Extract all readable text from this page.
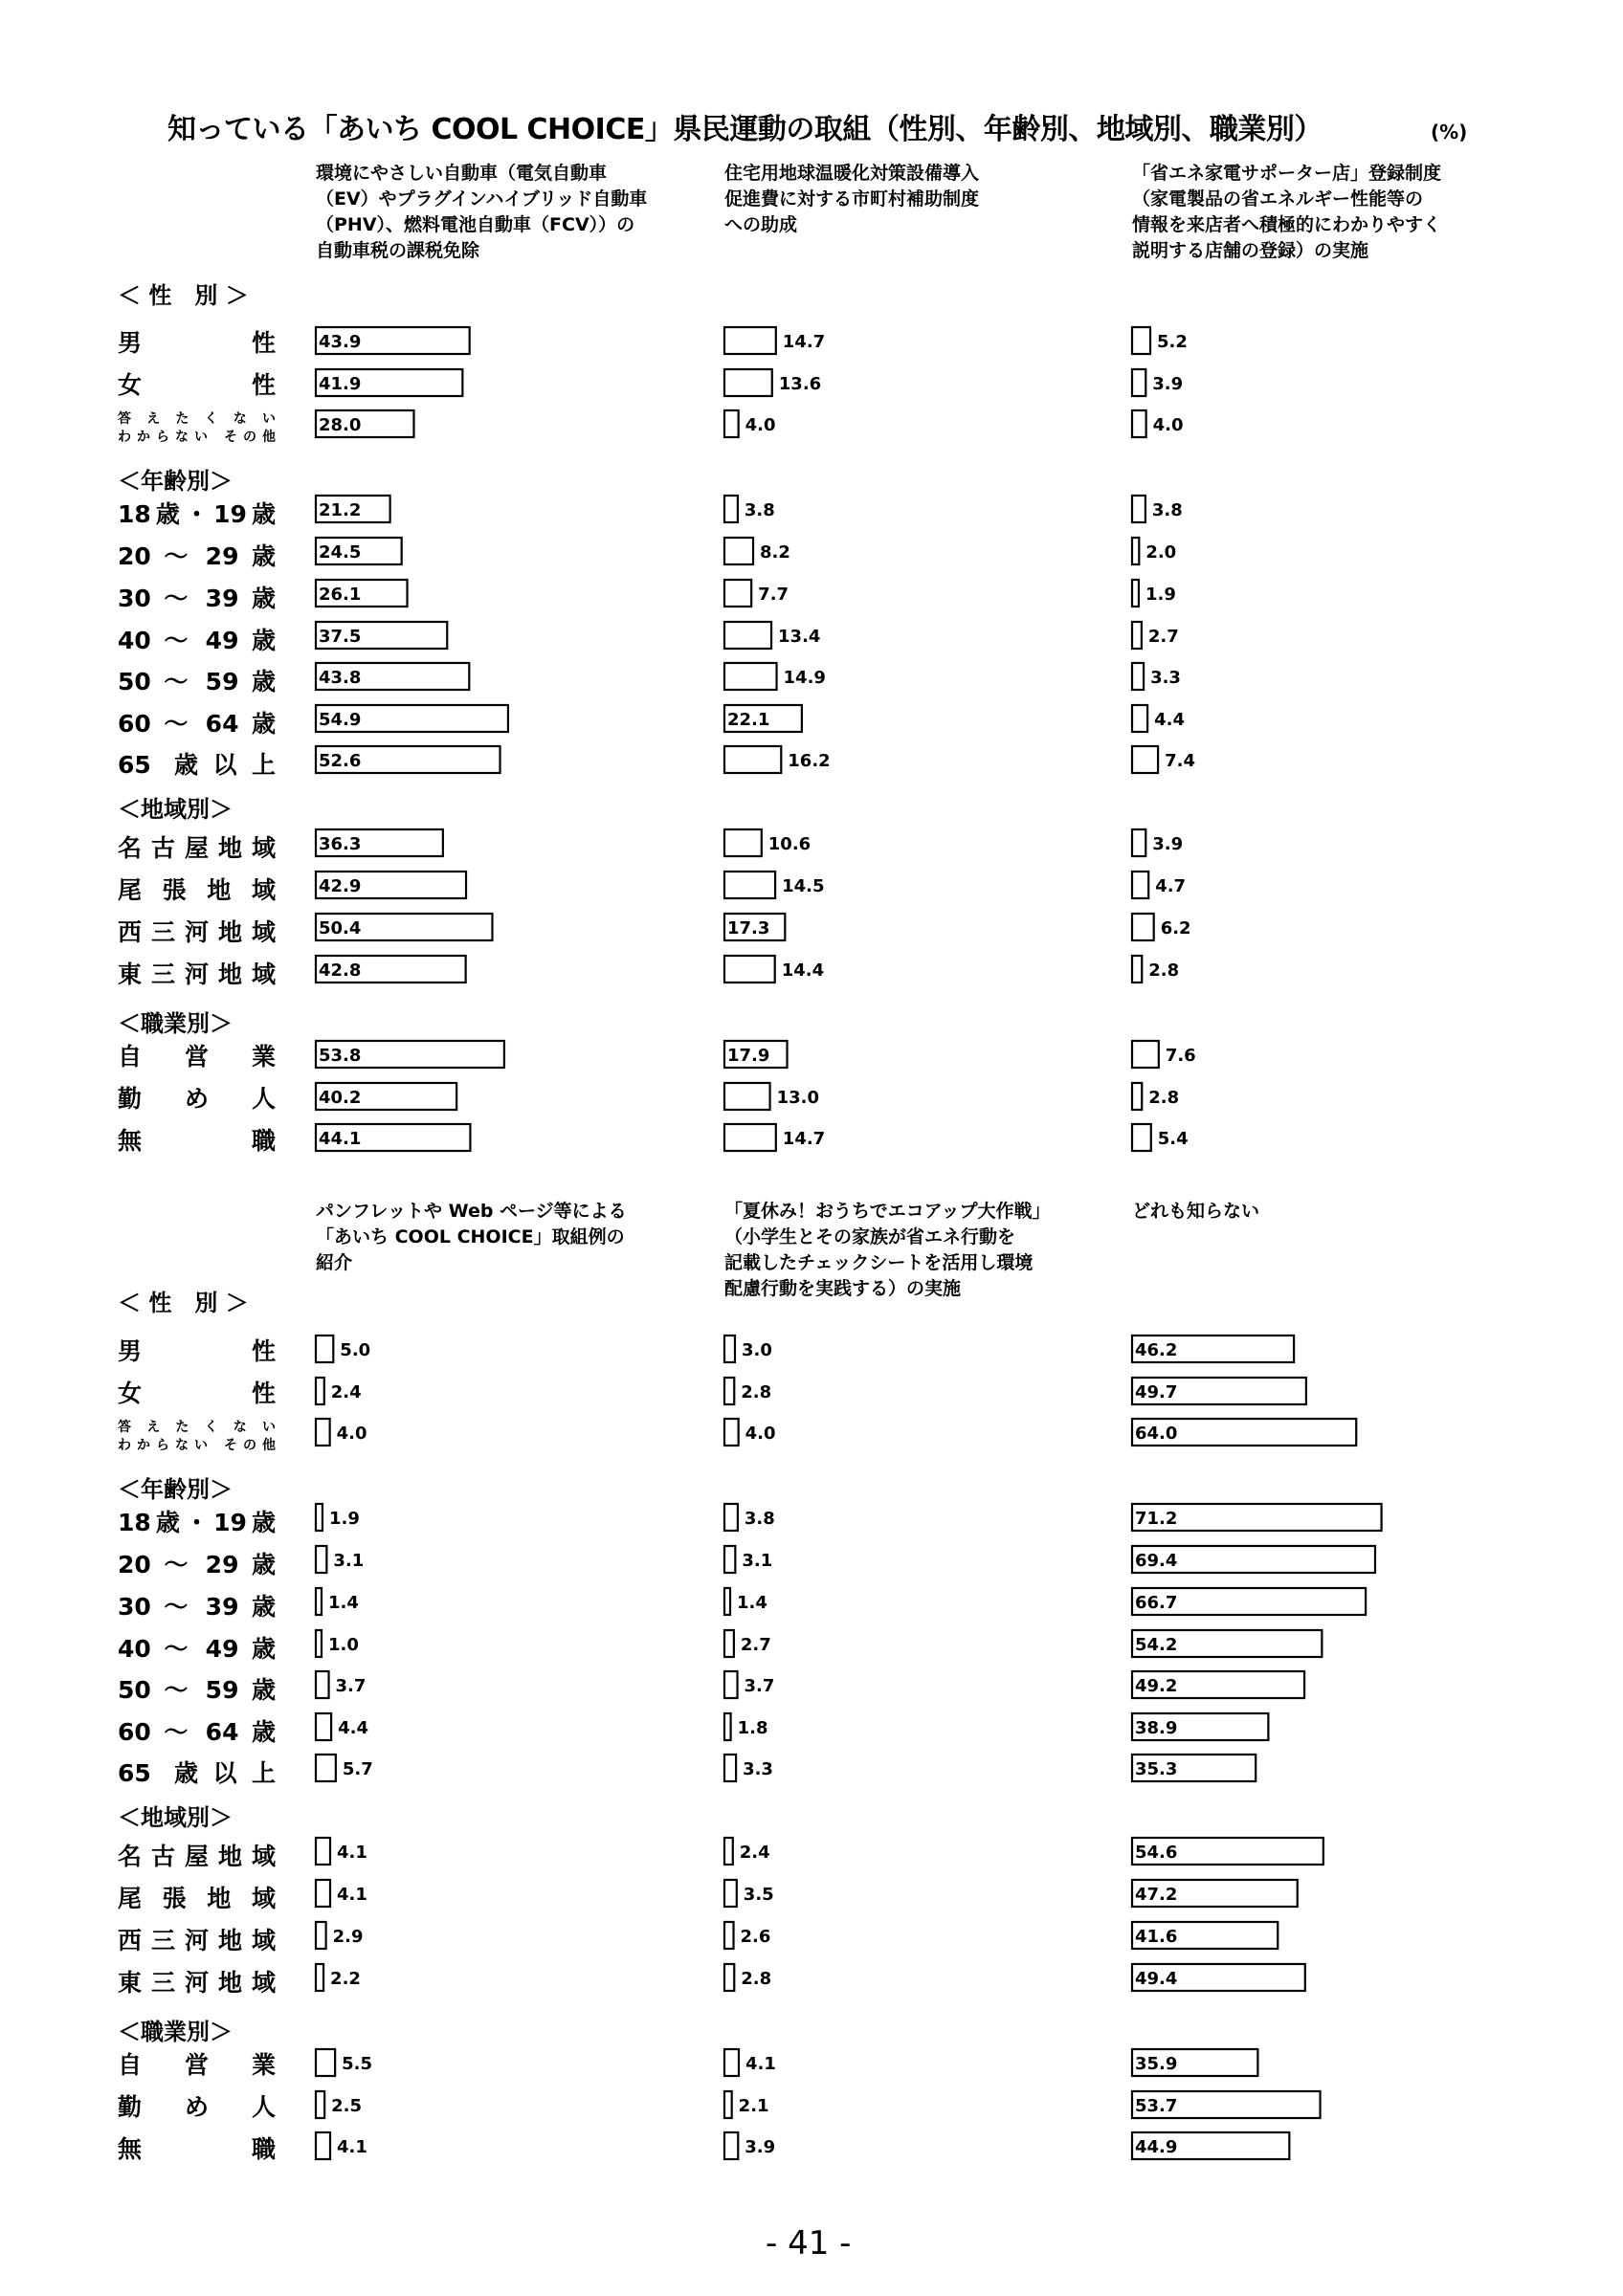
知っている「あいち COOL CHOICE」県民運動の取組（性別、年齢別、地域別、職業別）	(%)
環境にやさしい自動車（電気自動車
（EV）やプラグインハイブリッド自動車
（PHV）、燃料電池自動車（FCV））の
自動車税の課税免除
住宅用地球温暖化対策設備導入
促進費に対する市町村補助制度
への助成
「省エネ家電サポーター店」登録制度
（家電製品の省エネルギー性能等の
情報を来店者へ積極的にわかりやすく
説明する店舗の登録）の実施
パンフレットや Web ページ等による
「あいち COOL CHOICE」取組例の
紹介
「夏休み！おうちでエコアップ大作戦」
（小学生とその家族が省エネ行動を
記載したチェックシートを活用し環境
配慮行動を実践する）の実施
どれも知らない
＜ 性　別 ＞
男　　性
女　　性
答えたくない
わからない その他
＜年齢別＞
18歳・19歳
20 ～ 29 歳
30 ～ 39 歳
40 ～ 49 歳
50 ～ 59 歳
60 ～ 64 歳
65 歳以上
＜地域別＞
名古屋地域
尾張地域
西三河地域
東三河地域
＜職業別＞
自営業
勤め人
無　　職
＜ 性　別 ＞
男　　性
女　　性
答えたくない
わからない その他
＜年齢別＞
18歳・19歳
20 ～ 29 歳
30 ～ 39 歳
40 ～ 49 歳
50 ～ 59 歳
60 ～ 64 歳
65 歳以上
＜地域別＞
名古屋地域
尾張地域
西三河地域
東三河地域
＜職業別＞
自営業
勤め人
無　　職
43.9
41.9
28.0
21.2
24.5
26.1
37.5
43.8
54.9
52.6
36.3
42.9
50.4
42.8
53.8
40.2
44.1
14.7
13.6
4.0
3.8
8.2
7.7
13.4
14.9
22.1
16.2
10.6
14.5
17.3
14.4
17.9
13.0
14.7
5.2
3.9
4.0
3.8
2.0
1.9
2.7
3.3
4.4
7.4
3.9
4.7
6.2
2.8
7.6
2.8
5.4
5.0
2.4
4.0
1.9
3.1
1.4
1.0
3.7
4.4
5.7
4.1
4.1
2.9
2.2
5.5
2.5
4.1
3.0
2.8
4.0
3.8
3.1
1.4
2.7
3.7
1.8
3.3
2.4
3.5
2.6
2.8
4.1
2.1
3.9
46.2
49.7
64.0
71.2
69.4
66.7
54.2
49.2
38.9
35.3
54.6
47.2
41.6
49.4
35.9
53.7
44.9
- 41 -
